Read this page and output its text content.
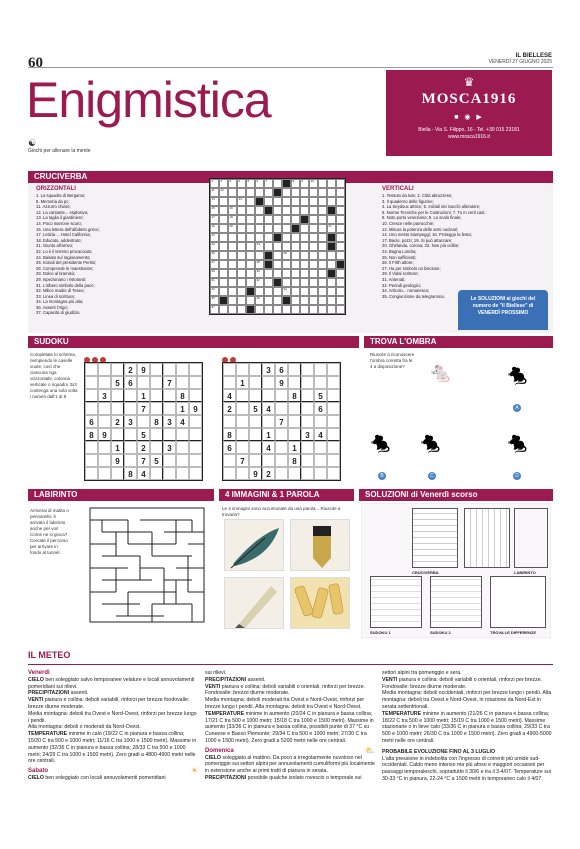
60	IL BIELLESE
VENERDÌ 27 GIUGNO 2025
Enigmistica
☯
Giochi per allenare la mente
♛
MOSCA1916
■ ◉ ▶
Biella - Via S. Filippo, 16 - Tel. +39 015 23181
www.mosca1916.it
CRUCIVERBA
ORIZZONTALI
1. La squadra di Bergamo;
8. Memoria da pc;
11. Azzurro chiaro;
12. La cantante... esplosiva;
13. La taglia il giardiniere;
14. Poco marrone scuro;
15. Una lettera dell'alfabeto greco;
17. Letizia ... Hotel California;
18. Educato, addestrato;
21. Giunto all'arrivo;
22. Lo è il terreno procacciato;
24. Basato sul ragionamento;
25. Iniziali del presidente Pertini;
26. Comprende le maestranze;
28. Dolce al tiramisù;
29. Ispezionano i ristoranti;
31. L'albero simbolo della pace;
32. Milice madre di Teseo;
33. Linea di scrittura;
34. La montagna più alta;
36. Asserti l'Algo;
37. Capacità di giudizio.
1 2 3 4 5 6 7	8 9 10
11 12
13	14
15	16
17	18
19	20	21
22
23	24
25	26
27	28
29	30
31	32
33	34
35	36
37
VERTICALI
1. Tessuto da tute; 2. Città abruzzese;
3. Il quaderno delle figurine;
4. La Seydoux attrice; 5. Iniziali dei Sacchi alleratore;
6. Norme Tecniche per le Costruzioni; 7. Tu in certi casi;
8. Noto porto veneziano; 9. Lo scalo finale;
10. Cresce nelle parrocchie;
12. Misura la potenza delle armi nucleari;
14. Uno mesto stampeggi; 16. Proteggo la festa;
17. Bacio, pozzi; 19. Si può attaccare;
20. Ghirlanda, corona; 23. Non più celibe;
24. Bagna Londra;
25. Non sufficienti;
26. Il Firth attore;
27. Ha per simbolo un biscione;
29. Il Vidal scrittore;
31. Antenati;
32. Periodi geologici;
34. Articolo... romanesco;
35. Congiunzione da telegramma.	Le SOLUZIONI ai giochi del numero de "il Biellese" di VENERDÌ PROSSIMO
SUDOKU
Completate lo schema, riempiendo le caselle vuote, così che ciascuna riga orizzontale, colonna verticale o riquadro 3x3 contenga una sola volta i numeri dall'1 al 9
2	9
5	6	7
3	1	8
7	1	9
6	2	3	8	3	4
8	9	5
1	2	3
9	7	5
8	4
3	6
1	9
4	8	5
2	5	4	6
7
8	1	3	4
6	4	1
7	8
9	2
TROVA L'OMBRA
Riuscite a riconoscere l'ombra corretta fra le 4 a disposizione?	🐁	🐁
A
🐁 🐁	🐁
B	C	D
LABIRINTO
Arriverai di matita o pennarello: è arrivato il labirinto anche per voi! Come ne si gioca? Cercate il percorso per arrivare in fondo al tunnel.
4 IMMAGINI & 1 PAROLA
Le 4 immagini sono accumunate da una parola... Riuscite a trovarla?
SOLUZIONI di Venerdì scorso
SUDOKU 1	SUDOKU 2	TROVA LE DIFFERENZE
CRUCIVERBA	LABIRINTO
IL METEO
Venerdì
CIELO ben soleggiato salvo temporanee velature e locali annuvolamenti pomeridiani sui rilievi.
PRECIPITAZIONI assenti.
VENTI pianura e collina: deboli variabili, rinforzi per brezze fondovalle: brezze diurne moderate.
Media montagna: deboli tra Ovest e Nord-Ovest, rinforzi per brezze lungo i pendii.
Alta montagna: deboli o moderati da Nord-Ovest.
TEMPERATURE minime in calo (19/22 C in pianura e bassa collina; 15/20 C tra 500 e 1000 metri; 11/16 C tra 1000 e 1500 metri). Massime in aumento (32/36 C in pianura e bassa collina; 28/33 C tra 500 e 1000 metri; 24/29 C tra 1000 e 1500 metri). Zero gradi a 4800-4900 metri nelle ore centrali.
Sabato	☀
CIELO ben soleggiato con locali annuvolamenti pomeridiani
sui rilievi.
PRECIPITAZIONI assenti.
VENTI pianura e collina: deboli variabili o orientali, rinforzi per brezze. Fondovalle: brezze diurne moderate.
Media montagna: deboli moderati tra Ovest e Nord-Ovest, rinforzi per brezze lungo i pendii. Alta montagna: deboli tra Ovest e Nord-Ovest.
TEMPERATURE minime in aumento (20/24 C in pianura e bassa collina; 17/21 C tra 500 e 1000 metri; 15/18 C tra 1000 e 1500 metri). Massime in aumento (33/36 C in pianura e bassa collina, possibili punte di 37 °C su Cuneese e Basso Piemonte; 29/34 C tra 500 e 1000 metri; 27/30 C tra 1000 e 1500 metri). Zero gradi a 5200 metri nelle ore centrali.
Domenica	⛅
CIELO soleggiato al mattino. Da poco a irregolarmente nuvoloso nel pomeriggio sui settori alpini per annuvolamenti cumuliformi più localmente in estensione anche ai primi tratti di pianura in serata.
PRECIPITAZIONI possibile qualche isolato rovescio o temporale sui
settori alpini tra pomeriggio e sera.
VENTI pianura e collina: deboli variabili o orientali, rinforzi per brezze. Fondovalle: brezze diurne moderate.
Media montagna: deboli occidentali, rinforzi per brezze lungo i pendii. Alta montagna: deboli tra Ovest e Nord-Ovest, in rotazione da Nord-Est in serata settentrionali.
TEMPERATURE minime in aumento (21/26 C in pianura e bassa collina; 18/22 C tra 500 e 1000 metri; 15/19 C tra 1000 e 1500 metri). Massime stazionarie o in lieve calo (33/36 C in pianura e bassa collina; 29/33 C tra 500 e 1000 metri; 26/30 C tra 1000 e 1500 metri). Zero gradi a 4900-5000 metri nelle ore centrali.
PROBABILE EVOLUZIONE FINO AL 3 LUGLIO
L'alta pressione in indebolita con l'ingresso di correnti più umide sud-occidentali. Caldo meno intenso ma più afoso e maggiori occasioni per passaggi temporaleschi, soprattutto il 30/6 e tra il 3-4/07. Temperature sui 30-33 °C in pianura, 22-24 °C a 1500 metri in temporaneo calo il 4/07.
